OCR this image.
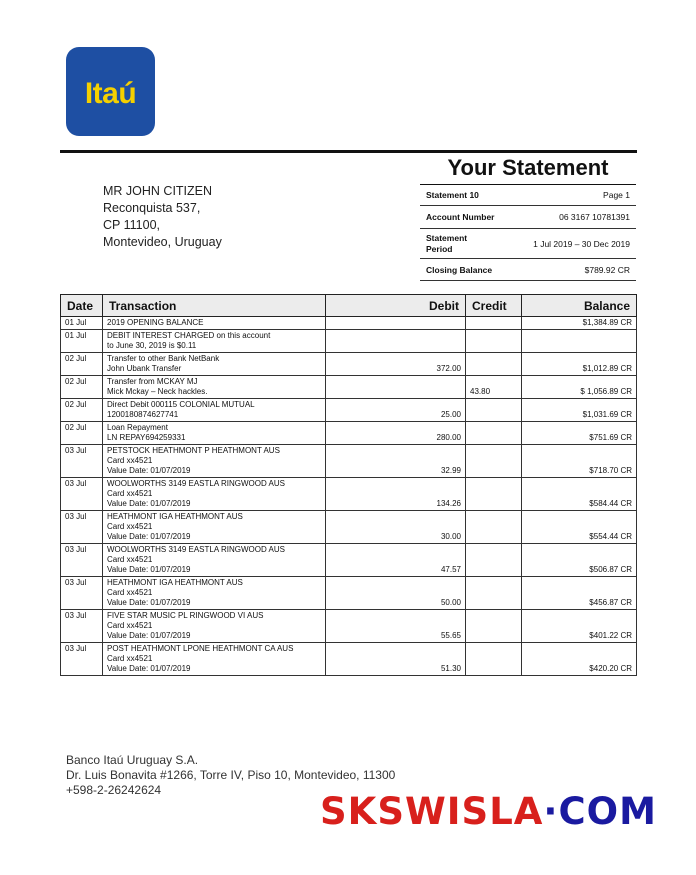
Itaú
MR JOHN CITIZEN
Reconquista 537,
CP 11100,
Montevideo, Uruguay
Your Statement
Statement 10	Page 1
Account Number	06 3167 10781391
Statement Period	1 Jul 2019 – 30 Dec 2019
Closing Balance	$789.92 CR
Date	Transaction	Debit	Credit	Balance
01 Jul	2019 OPENING BALANCE			$1,384.89 CR
01 Jul	DEBIT INTEREST CHARGED on this account
to June 30, 2019 is $0.11			

02 Jul	Transfer to other Bank NetBank
John Ubank Transfer	372.00		$1,012.89 CR
02 Jul	Transfer from MCKAY MJ
Mick Mckay – Neck hackles.		43.80	$ 1,056.89 CR
02 Jul	Direct Debit 000115 COLONIAL MUTUAL
1200180874627741	25.00		$1,031.69 CR
02 Jul	Loan Repayment
LN REPAY694259331	280.00		$751.69 CR
03 Jul	PETSTOCK HEATHMONT P HEATHMONT AUS
Card xx4521
Value Date: 01/07/2019	32.99		$718.70 CR
03 Jul	WOOLWORTHS 3149 EASTLA RINGWOOD AUS
Card xx4521
Value Date: 01/07/2019	134.26		$584.44 CR
03 Jul	HEATHMONT IGA HEATHMONT AUS
Card xx4521
Value Date: 01/07/2019	30.00		$554.44 CR
03 Jul	WOOLWORTHS 3149 EASTLA RINGWOOD AUS
Card xx4521
Value Date: 01/07/2019	47.57		$506.87 CR
03 Jul	HEATHMONT IGA HEATHMONT AUS
Card xx4521
Value Date: 01/07/2019	50.00		$456.87 CR
03 Jul	FIVE STAR MUSIC PL RINGWOOD VI AUS
Card xx4521
Value Date: 01/07/2019	55.65		$401.22 CR
03 Jul	POST HEATHMONT LPONE HEATHMONT CA AUS
Card xx4521
Value Date: 01/07/2019	51.30		$420.20 CR
Banco Itaú Uruguay S.A.
Dr. Luis Bonavita #1266, Torre IV, Piso 10, Montevideo, 11300
+598-2-26242624	SKSWISLA·COM
